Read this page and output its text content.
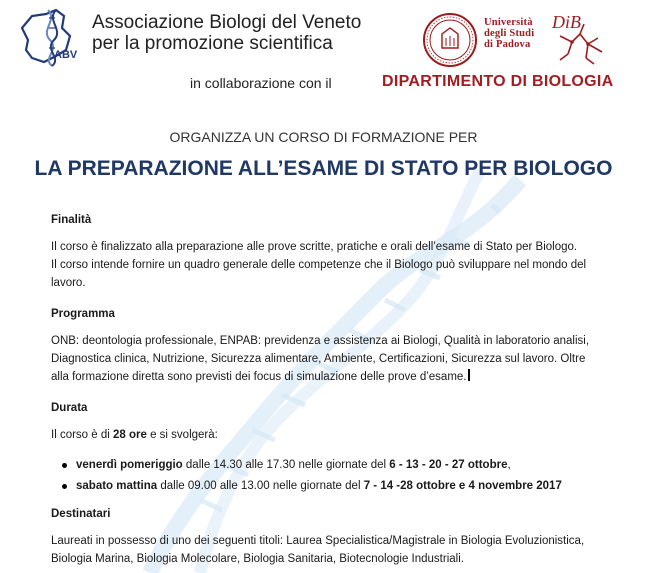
ABV
Associazione Biologi del Veneto
per la promozione scientifica
Università
degli Studi
di Padova
DiB
in collaborazione con il	DIPARTIMENTO DI BIOLOGIA
ORGANIZZA UN CORSO DI FORMAZIONE PER
LA PREPARAZIONE ALL’ESAME DI STATO PER BIOLOGO
Finalità
Il corso è finalizzato alla preparazione alle prove scritte, pratiche e orali dell’esame di Stato per Biologo.
Il corso intende fornire un quadro generale delle competenze che il Biologo può sviluppare nel mondo del
lavoro.
Programma
ONB: deontologia professionale, ENPAB: previdenza e assistenza ai Biologi, Qualità in laboratorio analisi,
Diagnostica clinica, Nutrizione, Sicurezza alimentare, Ambiente, Certificazioni, Sicurezza sul lavoro. Oltre
alla formazione diretta sono previsti dei focus di simulazione delle prove d’esame.
Durata
Il corso è di 28 ore e si svolgerà:
venerdì pomeriggio dalle 14.30 alle 17.30 nelle giornate del 6 - 13 - 20 - 27 ottobre,
sabato mattina dalle 09.00 alle 13.00 nelle giornate del 7 - 14 -28 ottobre e 4 novembre 2017
Destinatari
Laureati in possesso di uno dei seguenti titoli: Laurea Specialistica/Magistrale in Biologia Evoluzionistica,
Biologia Marina, Biologia Molecolare, Biologia Sanitaria, Biotecnologie Industriali.
